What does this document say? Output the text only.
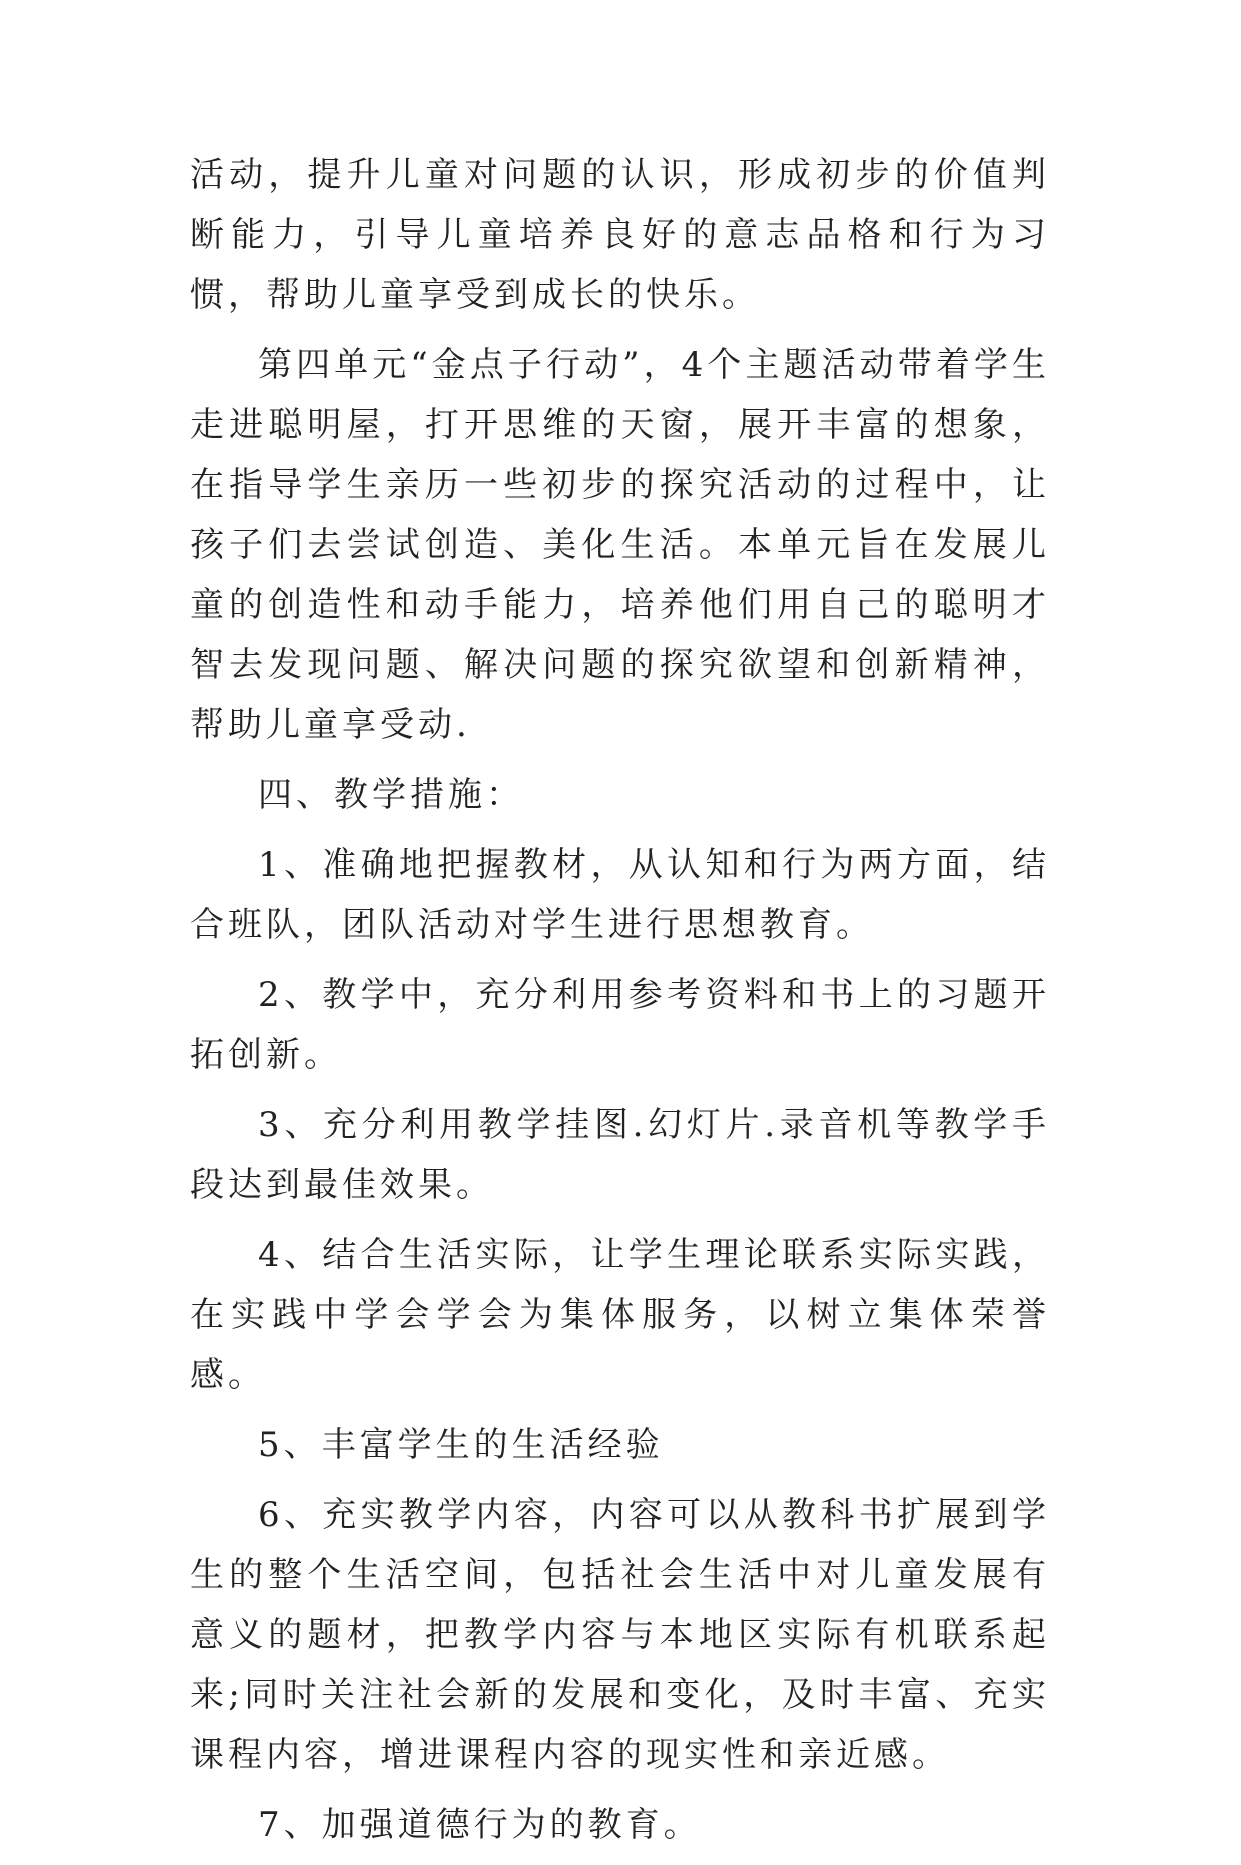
活动，提升儿童对问题的认识，形成初步的价值判断能力，引导儿童培养良好的意志品格和行为习惯，帮助儿童享受到成长的快乐。

第四单元“金点子行动”，4个主题活动带着学生走进聪明屋，打开思维的天窗，展开丰富的想象，在指导学生亲历一些初步的探究活动的过程中，让孩子们去尝试创造、美化生活。本单元旨在发展儿童的创造性和动手能力，培养他们用自己的聪明才智去发现问题、解决问题的探究欲望和创新精神，帮助儿童享受动.

四、教学措施：

1、准确地把握教材，从认知和行为两方面，结合班队，团队活动对学生进行思想教育。

2、教学中，充分利用参考资料和书上的习题开拓创新。

3、充分利用教学挂图.幻灯片.录音机等教学手段达到最佳效果。

4、结合生活实际，让学生理论联系实际实践，在实践中学会学会为集体服务，以树立集体荣誉感。

5、丰富学生的生活经验

6、充实教学内容，内容可以从教科书扩展到学生的整个生活空间，包括社会生活中对儿童发展有意义的题材，把教学内容与本地区实际有机联系起来;同时关注社会新的发展和变化，及时丰富、充实课程内容，增进课程内容的现实性和亲近感。

7、加强道德行为的教育。
